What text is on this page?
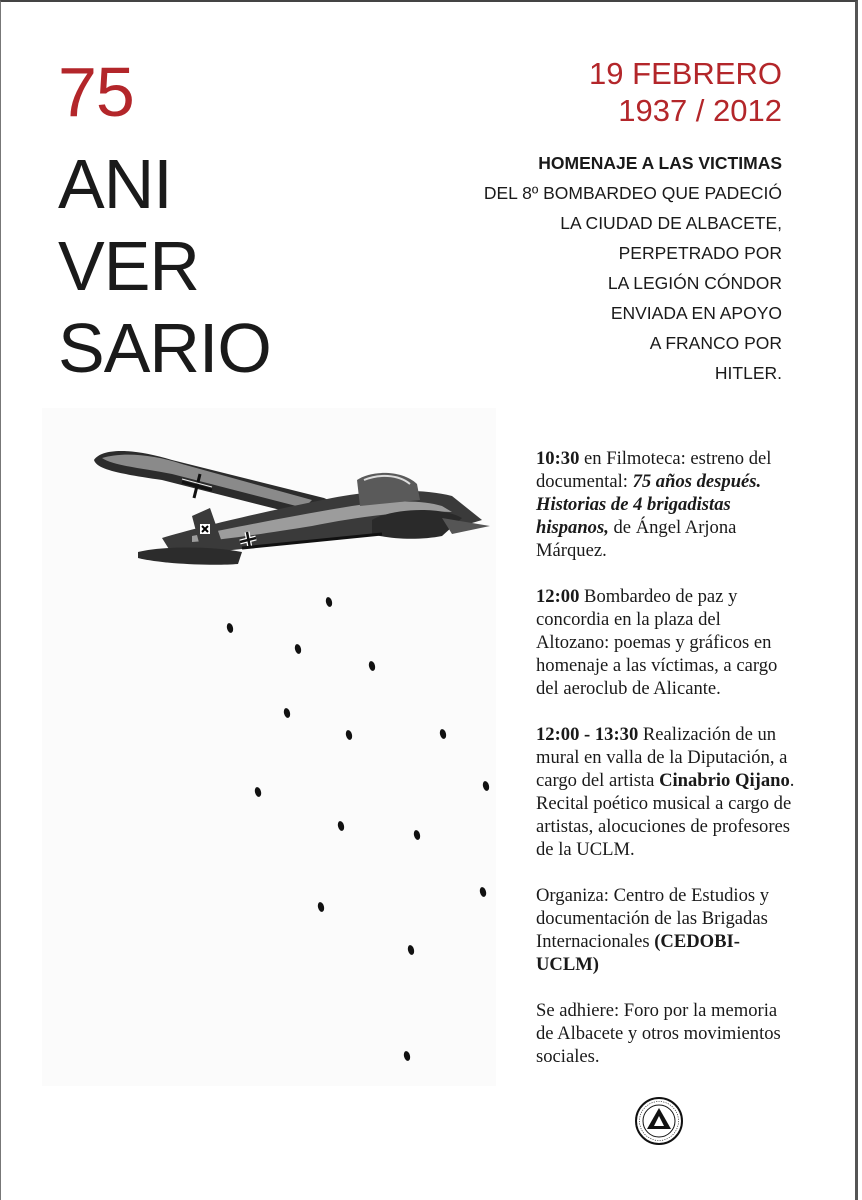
75
ANI
VER
SARIO
19 FEBRERO
1937 / 2012
HOMENAJE A LAS VICTIMAS
DEL 8º BOMBARDEO QUE PADECIÓ
LA CIUDAD DE ALBACETE,
PERPETRADO POR
LA LEGIÓN CÓNDOR
ENVIADA EN APOYO
A FRANCO POR
HITLER.

10:30 en Filmoteca: estreno del documental: 75 años después. Historias de 4 brigadistas hispanos, de Ángel Arjona Márquez.

12:00 Bombardeo de paz y concordia en la plaza del Altozano: poemas y gráficos en homenaje a las víctimas, a cargo del aeroclub de Alicante.

12:00 - 13:30 Realización de un mural en valla de la Diputación, a cargo del artista Cinabrio Qijano. Recital poético musical a cargo de artistas, alocuciones de profesores de la UCLM.

Organiza: Centro de Estudios y documentación de las Brigadas Internacionales (CEDOBI-UCLM)

Se adhiere: Foro por la memoria de Albacete y otros movimientos sociales.
